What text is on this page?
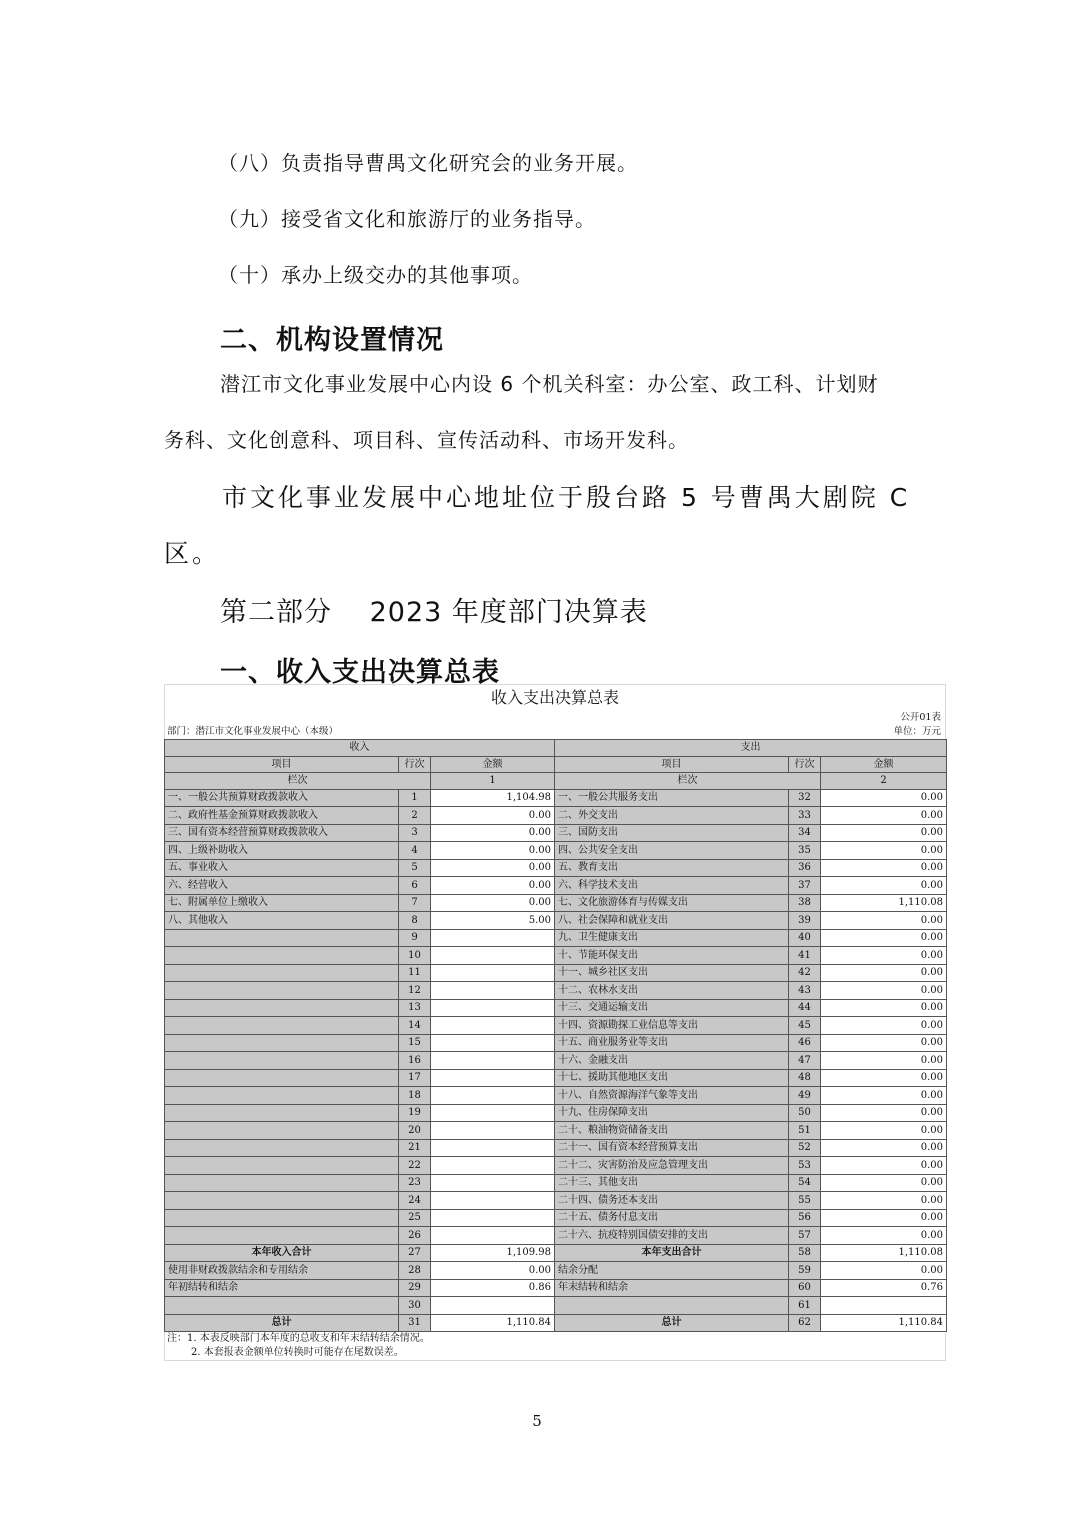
（八）负责指导曹禺文化研究会的业务开展。
（九）接受省文化和旅游厅的业务指导。
（十）承办上级交办的其他事项。
二、机构设置情况
潜江市文化事业发展中心内设 6 个机关科室：办公室、政工科、计划财
务科、文化创意科、项目科、宣传活动科、市场开发科。
市文化事业发展中心地址位于殷台路 5 号曹禺大剧院 C
区。
第二部分　 2023 年度部门决算表
一、收入支出决算总表
收入支出决算总表
公开01表
部门：潜江市文化事业发展中心（本级）	单位：万元
收入			支出		
项目	行次	金额	项目	行次	金额
栏次		1	栏次		2
一、一般公共预算财政拨款收入	1	1,104.98	一、一般公共服务支出	32	0.00
二、政府性基金预算财政拨款收入	2	0.00	二、外交支出	33	0.00
三、国有资本经营预算财政拨款收入	3	0.00	三、国防支出	34	0.00
四、上级补助收入	4	0.00	四、公共安全支出	35	0.00
五、事业收入	5	0.00	五、教育支出	36	0.00
六、经营收入	6	0.00	六、科学技术支出	37	0.00
七、附属单位上缴收入	7	0.00	七、文化旅游体育与传媒支出	38	1,110.08
八、其他收入	8	5.00	八、社会保障和就业支出	39	0.00
	9		九、卫生健康支出	40	0.00
	10		十、节能环保支出	41	0.00
	11		十一、城乡社区支出	42	0.00
	12		十二、农林水支出	43	0.00
	13		十三、交通运输支出	44	0.00
	14		十四、资源勘探工业信息等支出	45	0.00
	15		十五、商业服务业等支出	46	0.00
	16		十六、金融支出	47	0.00
	17		十七、援助其他地区支出	48	0.00
	18		十八、自然资源海洋气象等支出	49	0.00
	19		十九、住房保障支出	50	0.00
	20		二十、粮油物资储备支出	51	0.00
	21		二十一、国有资本经营预算支出	52	0.00
	22		二十二、灾害防治及应急管理支出	53	0.00
	23		二十三、其他支出	54	0.00
	24		二十四、债务还本支出	55	0.00
	25		二十五、债务付息支出	56	0.00
	26		二十六、抗疫特别国债安排的支出	57	0.00
本年收入合计	27	1,109.98	本年支出合计	58	1,110.08
使用非财政拨款结余和专用结余	28	0.00	结余分配	59	0.00
年初结转和结余	29	0.86	年末结转和结余	60	0.76
	30			61	
总计	31	1,110.84	总计	62	1,110.84
注：1. 本表反映部门本年度的总收支和年末结转结余情况。
2. 本套报表金额单位转换时可能存在尾数误差。
5
